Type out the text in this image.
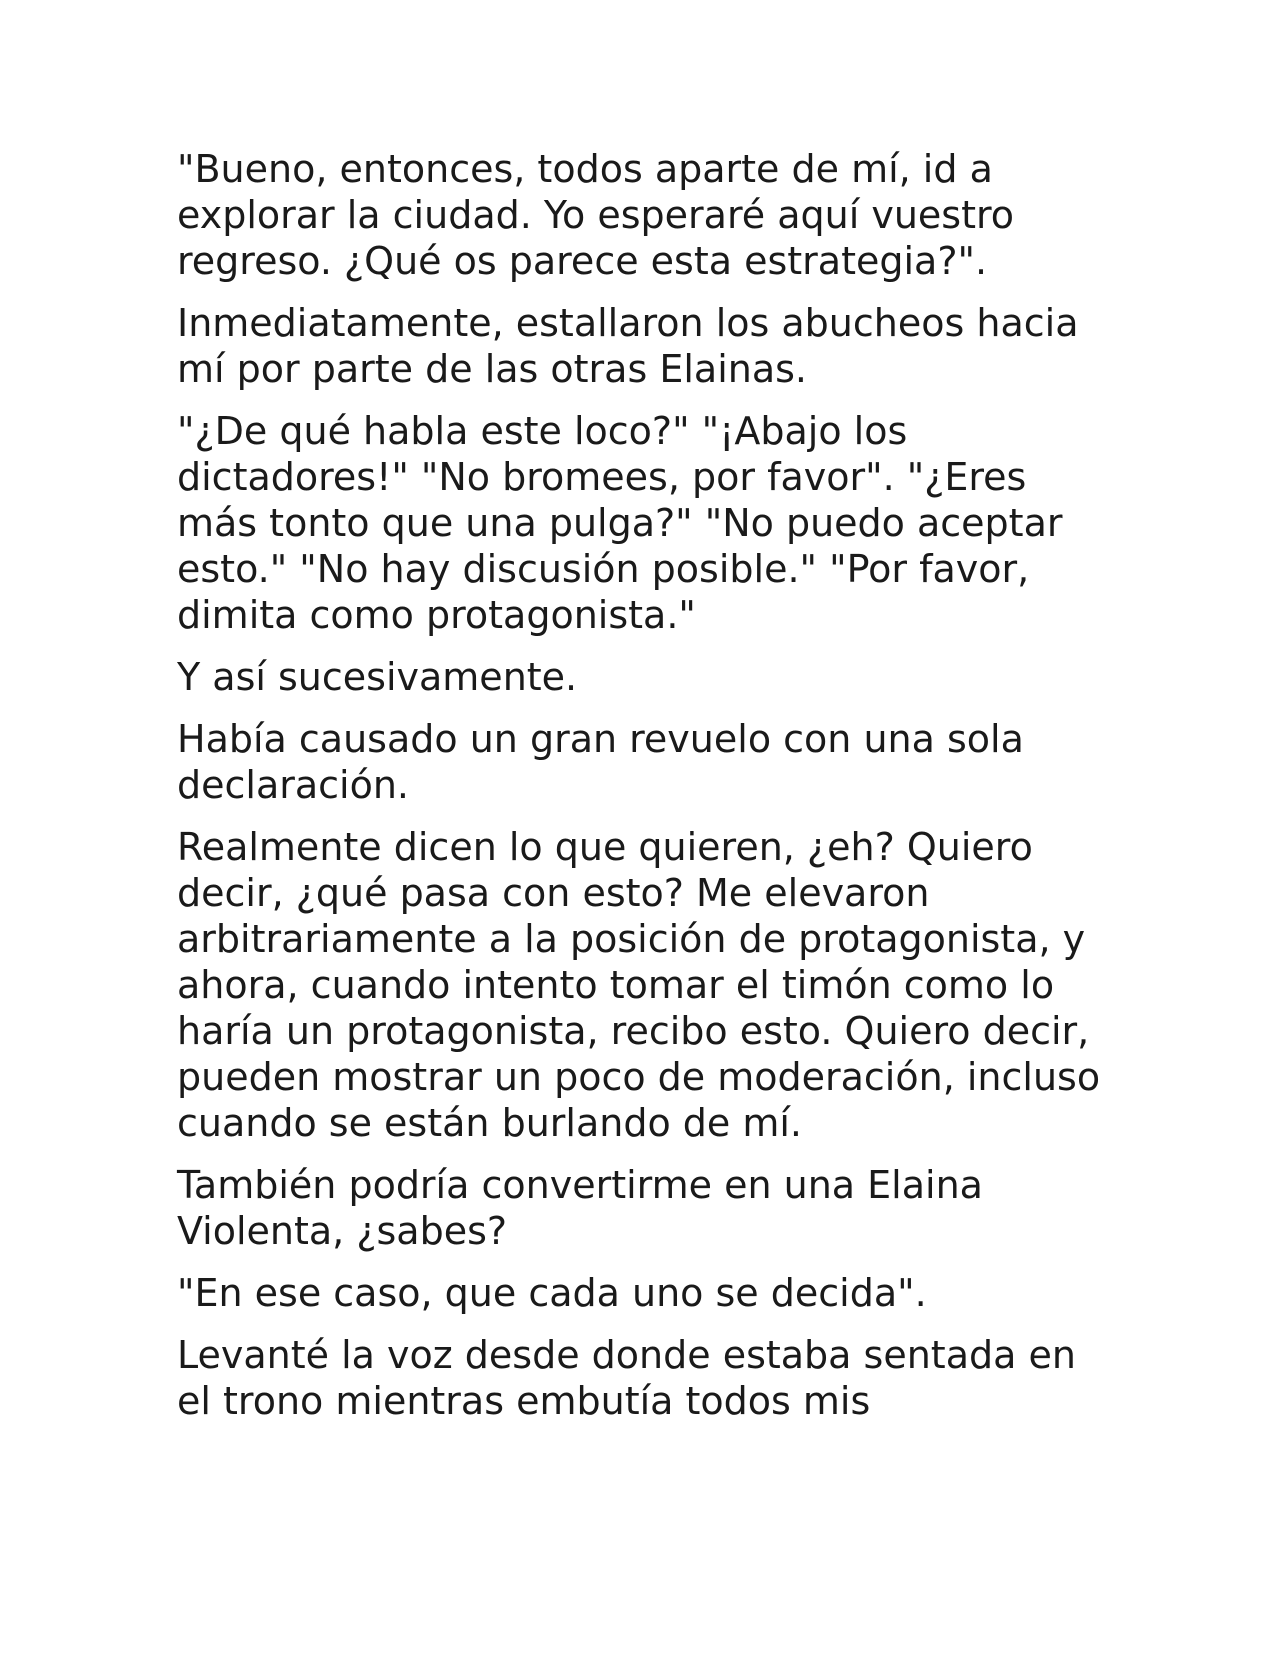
"Bueno, entonces, todos aparte de mí, id a
explorar la ciudad. Yo esperaré aquí vuestro
regreso. ¿Qué os parece esta estrategia?".

Inmediatamente, estallaron los abucheos hacia
mí por parte de las otras Elainas.

"¿De qué habla este loco?" "¡Abajo los
dictadores!" "No bromees, por favor". "¿Eres
más tonto que una pulga?" "No puedo aceptar
esto." "No hay discusión posible." "Por favor,
dimita como protagonista."

Y así sucesivamente.

Había causado un gran revuelo con una sola
declaración.

Realmente dicen lo que quieren, ¿eh? Quiero
decir, ¿qué pasa con esto? Me elevaron
arbitrariamente a la posición de protagonista, y
ahora, cuando intento tomar el timón como lo
haría un protagonista, recibo esto. Quiero decir,
pueden mostrar un poco de moderación, incluso
cuando se están burlando de mí.

También podría convertirme en una Elaina
Violenta, ¿sabes?

"En ese caso, que cada uno se decida".

Levanté la voz desde donde estaba sentada en
el trono mientras embutía todos mis
